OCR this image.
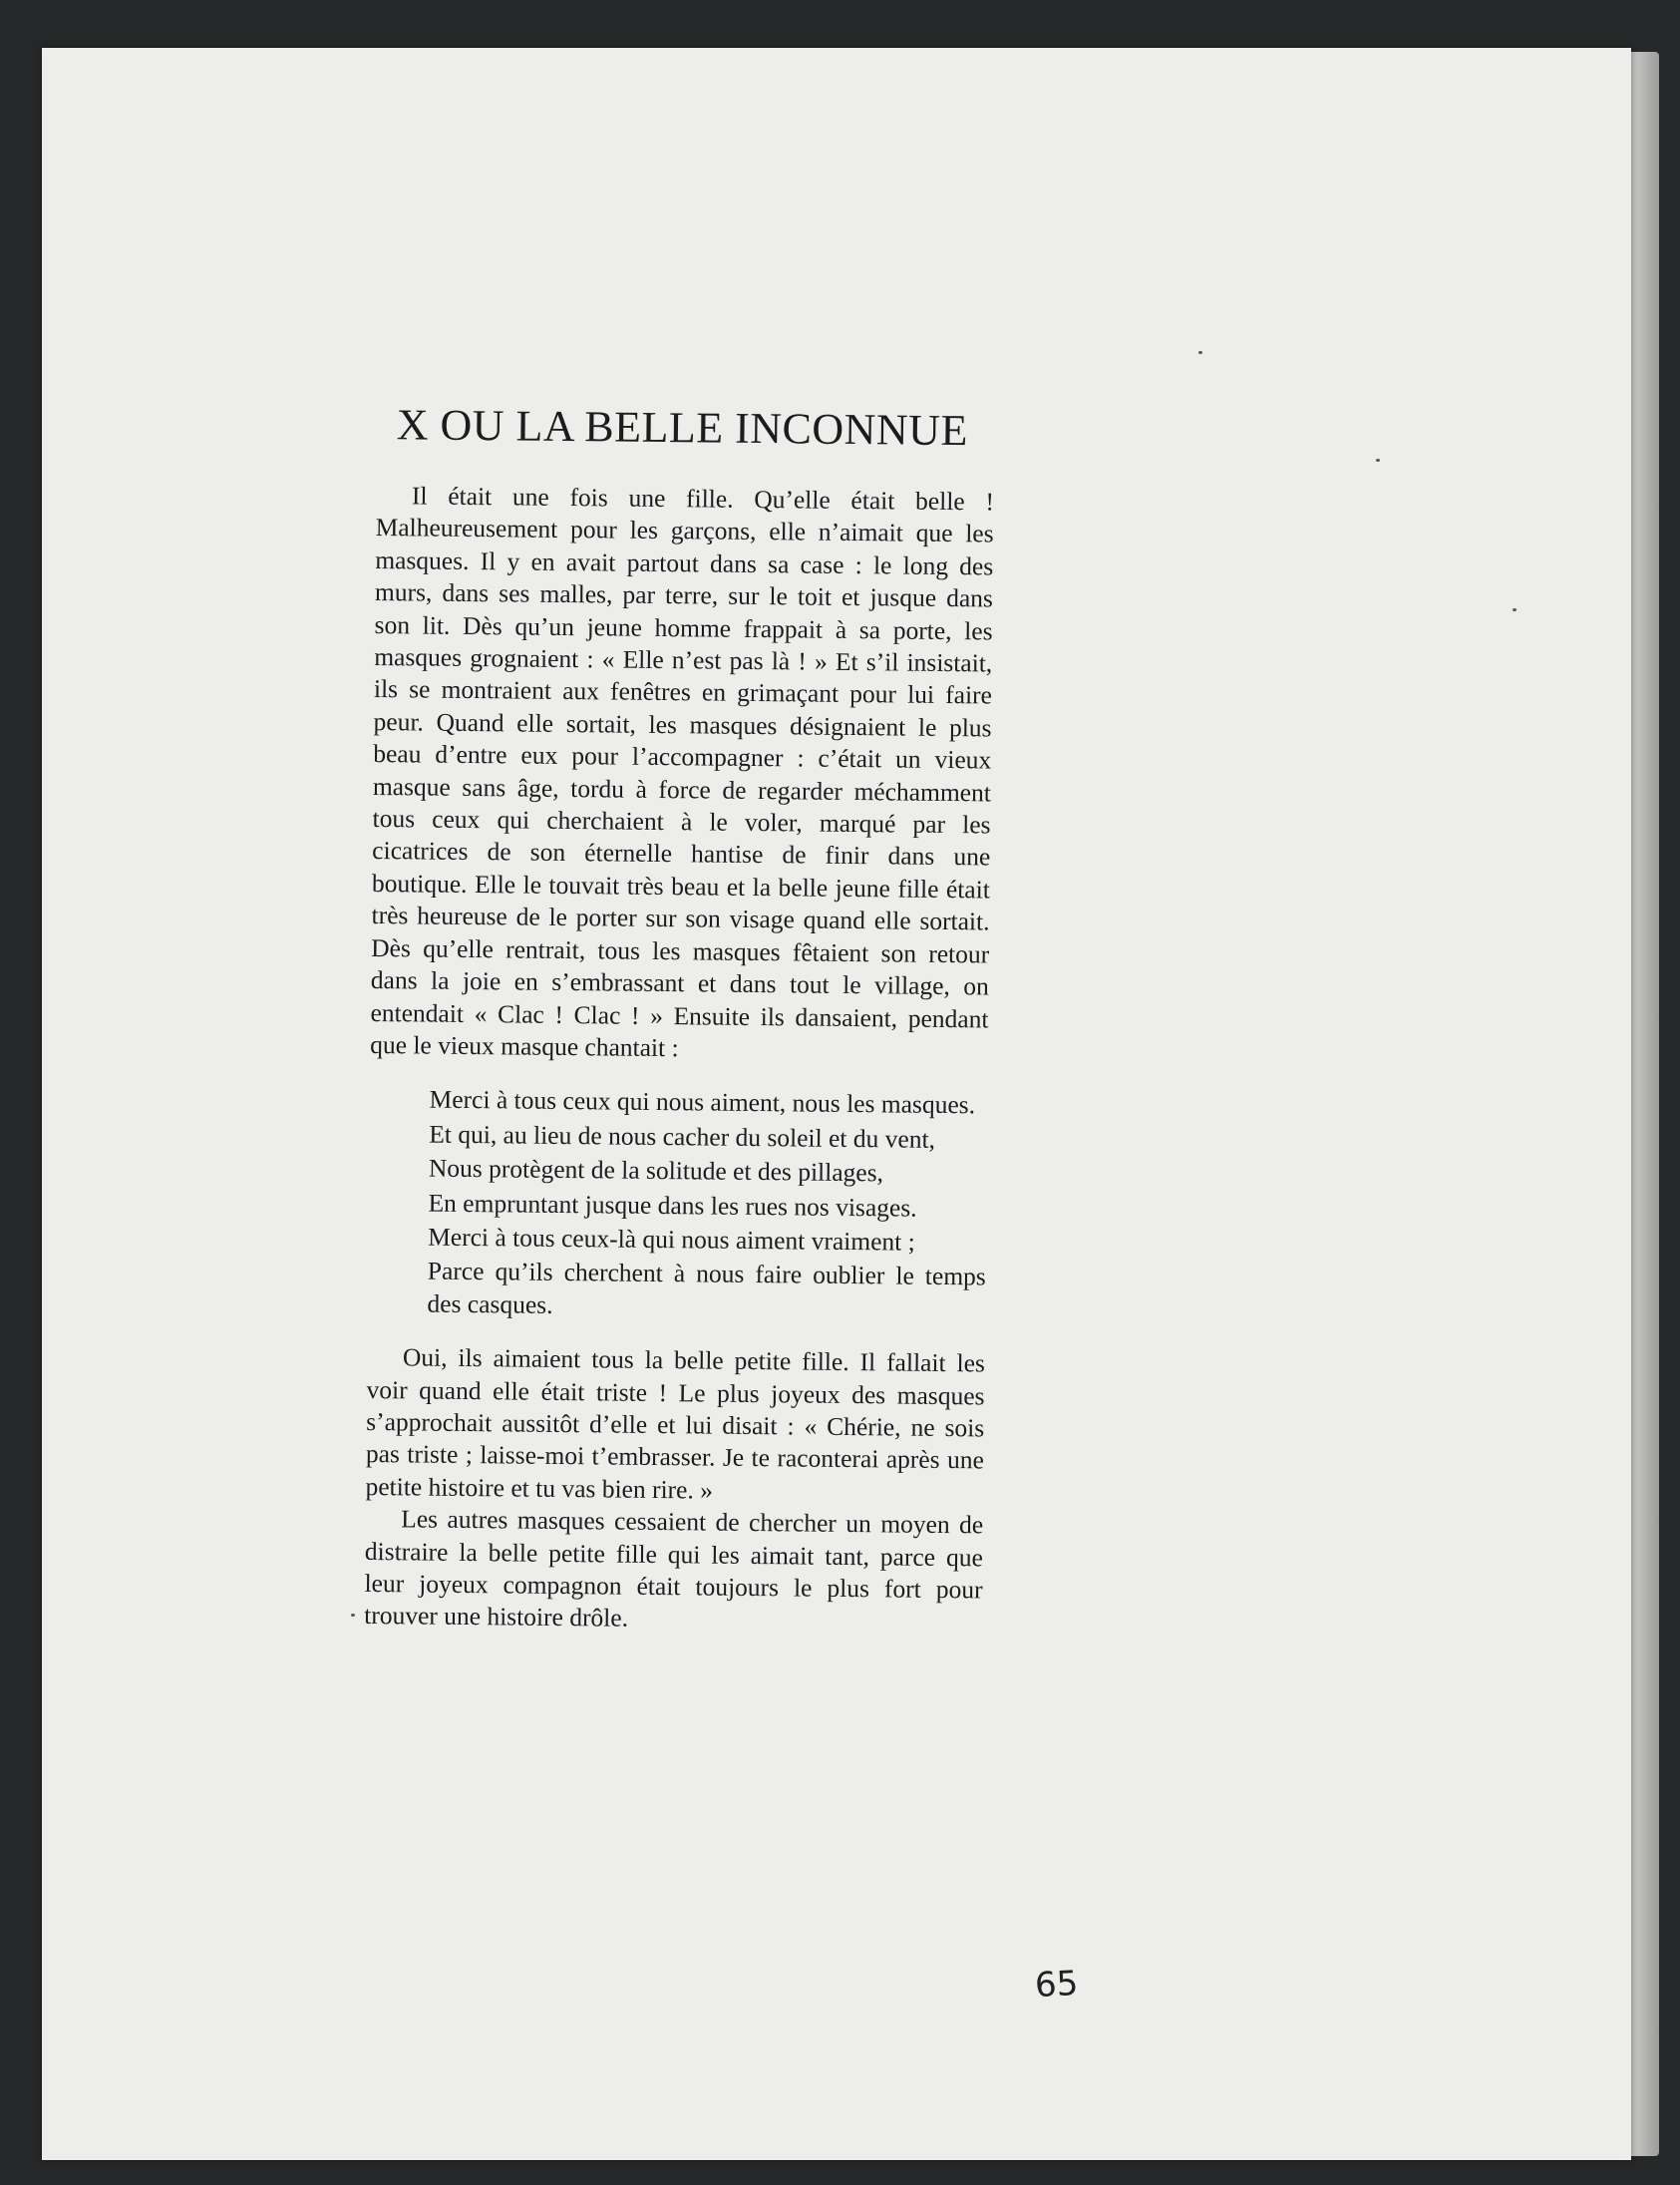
X OU LA BELLE INCONNUE

Il était une fois une fille. Qu’elle était belle ! Malheureusement pour les garçons, elle n’aimait que les masques. Il y en avait partout dans sa case : le long des murs, dans ses malles, par terre, sur le toit et jusque dans son lit. Dès qu’un jeune homme frappait à sa porte, les masques grognaient : « Elle n’est pas là ! » Et s’il insistait, ils se montraient aux fenêtres en grimaçant pour lui faire peur. Quand elle sortait, les masques désignaient le plus beau d’entre eux pour l’accompagner : c’était un vieux masque sans âge, tordu à force de regarder méchamment tous ceux qui cherchaient à le voler, marqué par les cicatrices de son éternelle hantise de finir dans une boutique. Elle le touvait très beau et la belle jeune fille était très heureuse de le porter sur son visage quand elle sortait. Dès qu’elle rentrait, tous les masques fêtaient son retour dans la joie en s’embrassant et dans tout le village, on entendait « Clac ! Clac ! » Ensuite ils dansaient, pendant que le vieux masque chantait :

Merci à tous ceux qui nous aiment, nous les masques.
Et qui, au lieu de nous cacher du soleil et du vent,
Nous protègent de la solitude et des pillages,
En empruntant jusque dans les rues nos visages.
Merci à tous ceux-là qui nous aiment vraiment ;
Parce qu’ils cherchent à nous faire oublier le temps des casques.

Oui, ils aimaient tous la belle petite fille. Il fallait les voir quand elle était triste ! Le plus joyeux des masques s’approchait aussitôt d’elle et lui disait : « Chérie, ne sois pas triste ; laisse-moi t’embrasser. Je te raconterai après une petite histoire et tu vas bien rire. »

Les autres masques cessaient de chercher un moyen de distraire la belle petite fille qui les aimait tant, parce que leur joyeux compagnon était toujours le plus fort pour trouver une histoire drôle.

65
